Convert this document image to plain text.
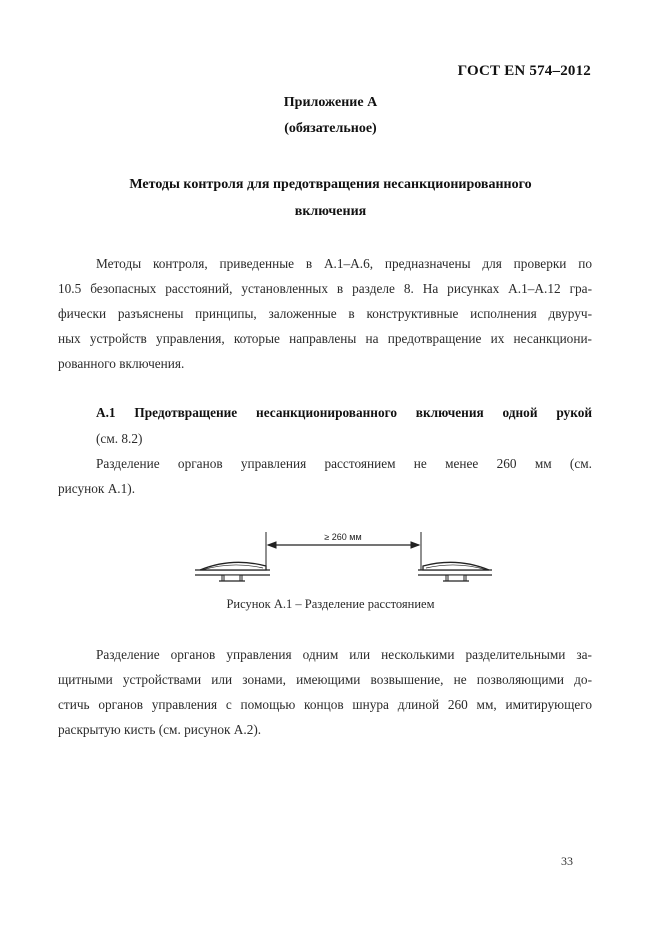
ГОСТ EN 574–2012
Приложение А
(обязательное)
Методы контроля для предотвращения несанкционированного
включения
Методы контроля, приведенные в А.1–А.6, предназначены для проверки по
10.5 безопасных расстояний, установленных в разделе 8. На рисунках А.1–А.12 гра-
фически разъяснены принципы, заложенные в конструктивные исполнения двуруч-
ных устройств управления, которые направлены на предотвращение их несанкциони-
рованного включения.
А.1 Предотвращение несанкционированного включения одной рукой
(см. 8.2)
Разделение органов управления расстоянием не менее 260 мм (см.
рисунок А.1).
≥ 260 мм
Рисунок А.1 – Разделение расстоянием
Разделение органов управления одним или несколькими разделительными за-
щитными устройствами или зонами, имеющими возвышение, не позволяющими до-
стичь органов управления с помощью концов шнура длиной 260 мм, имитирующего
раскрытую кисть (см. рисунок А.2).
33
